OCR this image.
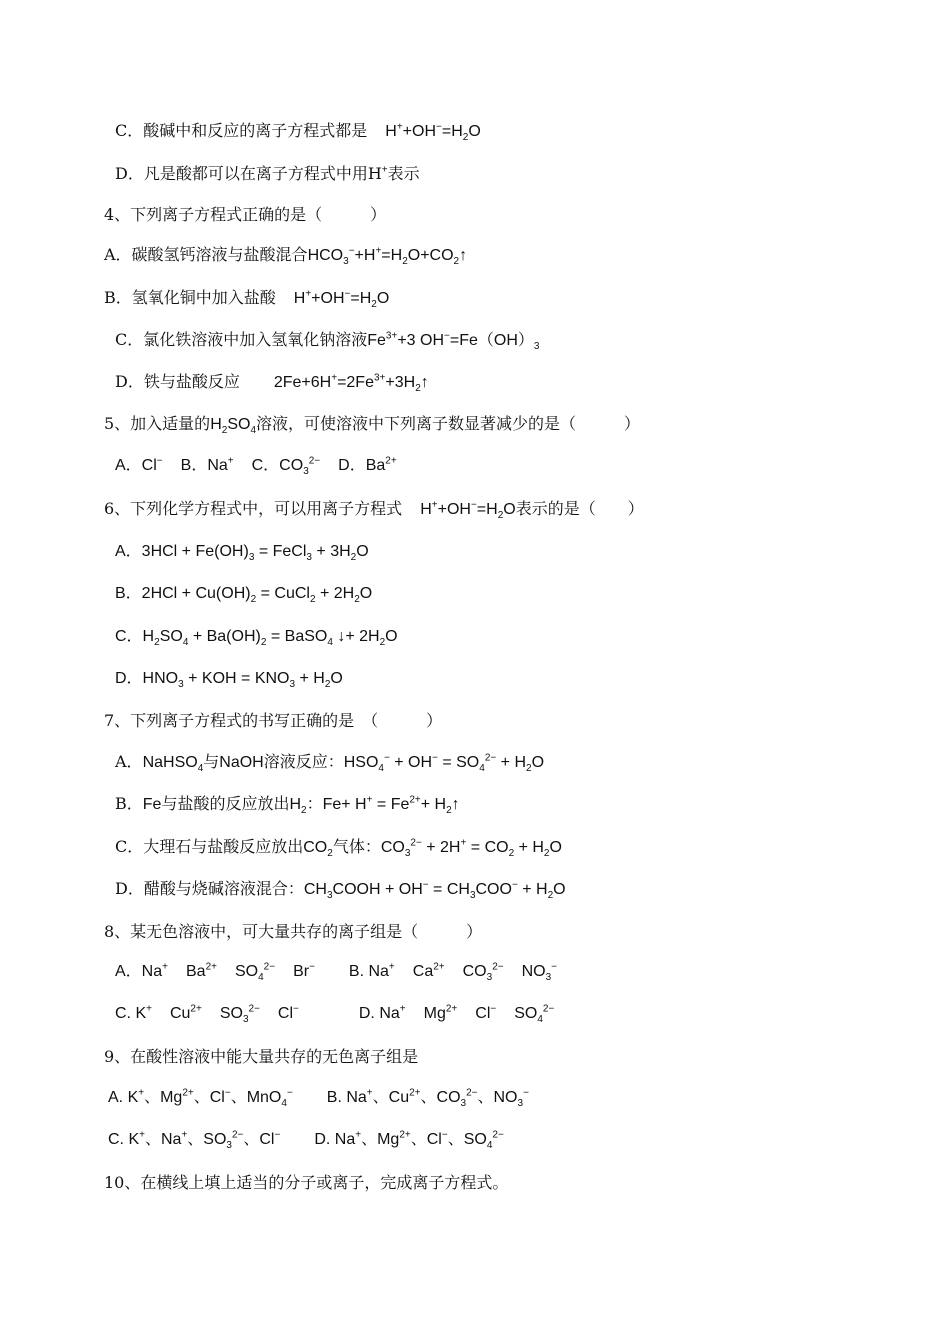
C．酸碱中和反应的离子方程式都是 $H^++OH^-=H_2O$
D．凡是酸都可以在离子方程式中用H+表示
4、下列离子方程式正确的是（　　　）
A．碳酸氢钙溶液与盐酸混合$HCO_3^-+H^+=H_2O+CO_2↑$
B．氢氧化铜中加入盐酸 $H^++OH^-=H_2O$
C．氯化铁溶液中加入氢氧化钠溶液$Fe^{3+}+3$ $OH^-=Fe(OH)_3$
D．铁与盐酸反应 $2Fe+6H^+=2Fe^{3+}+3H_2↑$
5、加入适量的$H_2SO_4$溶液，可使溶液中下列离子数显著减少的是（　　　）
A．Cl− B．Na+ C．$CO_3^{2-}$ D．$Ba^{2+}$
6、下列化学方程式中，可以用离子方程式 $H^++OH^-=H_2O$表示的是（　　）
A．$3HCl + Fe(OH)_3$ = FeCl$_3$ + $3H_2O$
B．$2HCl + Cu(OH)_2$ = CuCl$_2$ + $2H_2O$
C．$H_2SO_4 + Ba(OH)_2$ = BaSO$_4$ ↓+ $2H_2O$
D．$HNO_3$ + KOH = $KNO_3 + H_2O$
7、下列离子方程式的书写正确的是　（　　　）
A．NaHSO$_4$与NaOH溶液反应：$HSO_4^- + OH^- = SO_4^{2-} + H_2O$
B．Fe与盐酸的反应放出$H_2$：$Fe+ H^+ = Fe^{2+}+$ $H_2↑$
C．大理石与盐酸反应放出$CO_2$气体：$CO_3^{2-} + 2H^+ = CO_2 + H_2O$
D．醋酸与烧碱溶液混合：$CH_3COOH + OH^- = CH_3COO^- + H_2O$
8、某无色溶液中，可大量共存的离子组是（　　　）
A．Na+ $Ba^{2+}$ $SO_4^{2-}$ Br− B. Na+ $Ca^{2+}$ $CO_3^{2-}$ $NO_3^-$
C. K+ $Cu^{2+}$ $SO_3^{2-}$ Cl−	D. Na+ $Mg^{2+}$ Cl− $SO_4^{2-}$
9、在酸性溶液中能大量共存的无色离子组是
A. K+、$Mg^{2+}$、Cl−、MnO$_4$− B. Na+、$Cu^{2+}$、$CO_3^{2-}$、$NO_3^-$
C. K+、Na+、$SO_3^{2-}$、Cl− D. Na+、$Mg^{2+}$、Cl−、$SO_4^{2-}$
10、在横线上填上适当的分子或离子，完成离子方程式。
